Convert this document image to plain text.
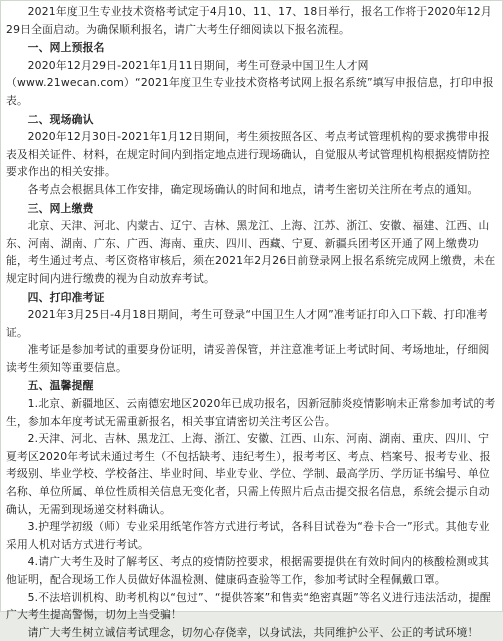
2021年度卫生专业技术资格考试定于4月10、11、17、18日举行，报名工作将于2020年12月29日全面启动。为确保顺利报名，请广大考生仔细阅读以下报名流程。

一、网上预报名

2020年12月29日-2021年1月11日期间，考生可登录中国卫生人才网（www.21wecan.com）“2021年度卫生专业技术资格考试网上报名系统”填写申报信息，打印申报表。

二、现场确认

2020年12月30日-2021年1月12日期间，考生须按照各区、考点考试管理机构的要求携带申报表及相关证件、材料，在规定时间内到指定地点进行现场确认，自觉服从考试管理机构根据疫情防控要求作出的相关安排。

各考点会根据具体工作安排，确定现场确认的时间和地点，请考生密切关注所在考点的通知。

三、网上缴费

北京、天津、河北、内蒙古、辽宁、吉林、黑龙江、上海、江苏、浙江、安徽、福建、江西、山东、河南、湖南、广东、广西、海南、重庆、四川、西藏、宁夏、新疆兵团考区开通了网上缴费功能，考生通过考点、考区资格审核后，须在2021年2月26日前登录网上报名系统完成网上缴费，未在规定时间内进行缴费的视为自动放弃考试。

四、打印准考证

2021年3月25日-4月18日期间，考生可登录“中国卫生人才网”准考证打印入口下载、打印准考证。

准考证是参加考试的重要身份证明，请妥善保管，并注意准考证上考试时间、考场地址，仔细阅读考生须知等重要信息。

五、温馨提醒

1.北京、新疆地区、云南德宏地区2020年已成功报名，因新冠肺炎疫情影响未正常参加考试的考生，参加本年度考试无需重新报名，相关事宜请密切关注考区公告。

2.天津、河北、吉林、黑龙江、上海、浙江、安徽、江西、山东、河南、湖南、重庆、四川、宁夏考区2020年考试未通过考生（不包括缺考、违纪考生），报考考区、考点、档案号、报考专业、报考级别、毕业学校、学校备注、毕业时间、毕业专业、学位、学制、最高学历、学历证书编号、单位名称、单位所属、单位性质相关信息无变化者，只需上传照片后点击提交报名信息，系统会提示自动确认，无需到现场递交材料确认。

3.护理学初级（师）专业采用纸笔作答方式进行考试，各科目试卷为“卷卡合一”形式。其他专业采用人机对话方式进行考试。

4.请广大考生及时了解考区、考点的疫情防控要求，根据需要提供在有效时间内的核酸检测或其他证明，配合现场工作人员做好体温检测、健康码查验等工作，参加考试时全程佩戴口罩。

5.不法培训机构、助考机构以“包过”、“提供答案”和售卖“绝密真题”等名义进行违法活动，提醒广大考生提高警惕，切勿上当受骗！

请广大考生树立诚信考试理念，切勿心存侥幸，以身试法，共同维护公平、公正的考试环境！
